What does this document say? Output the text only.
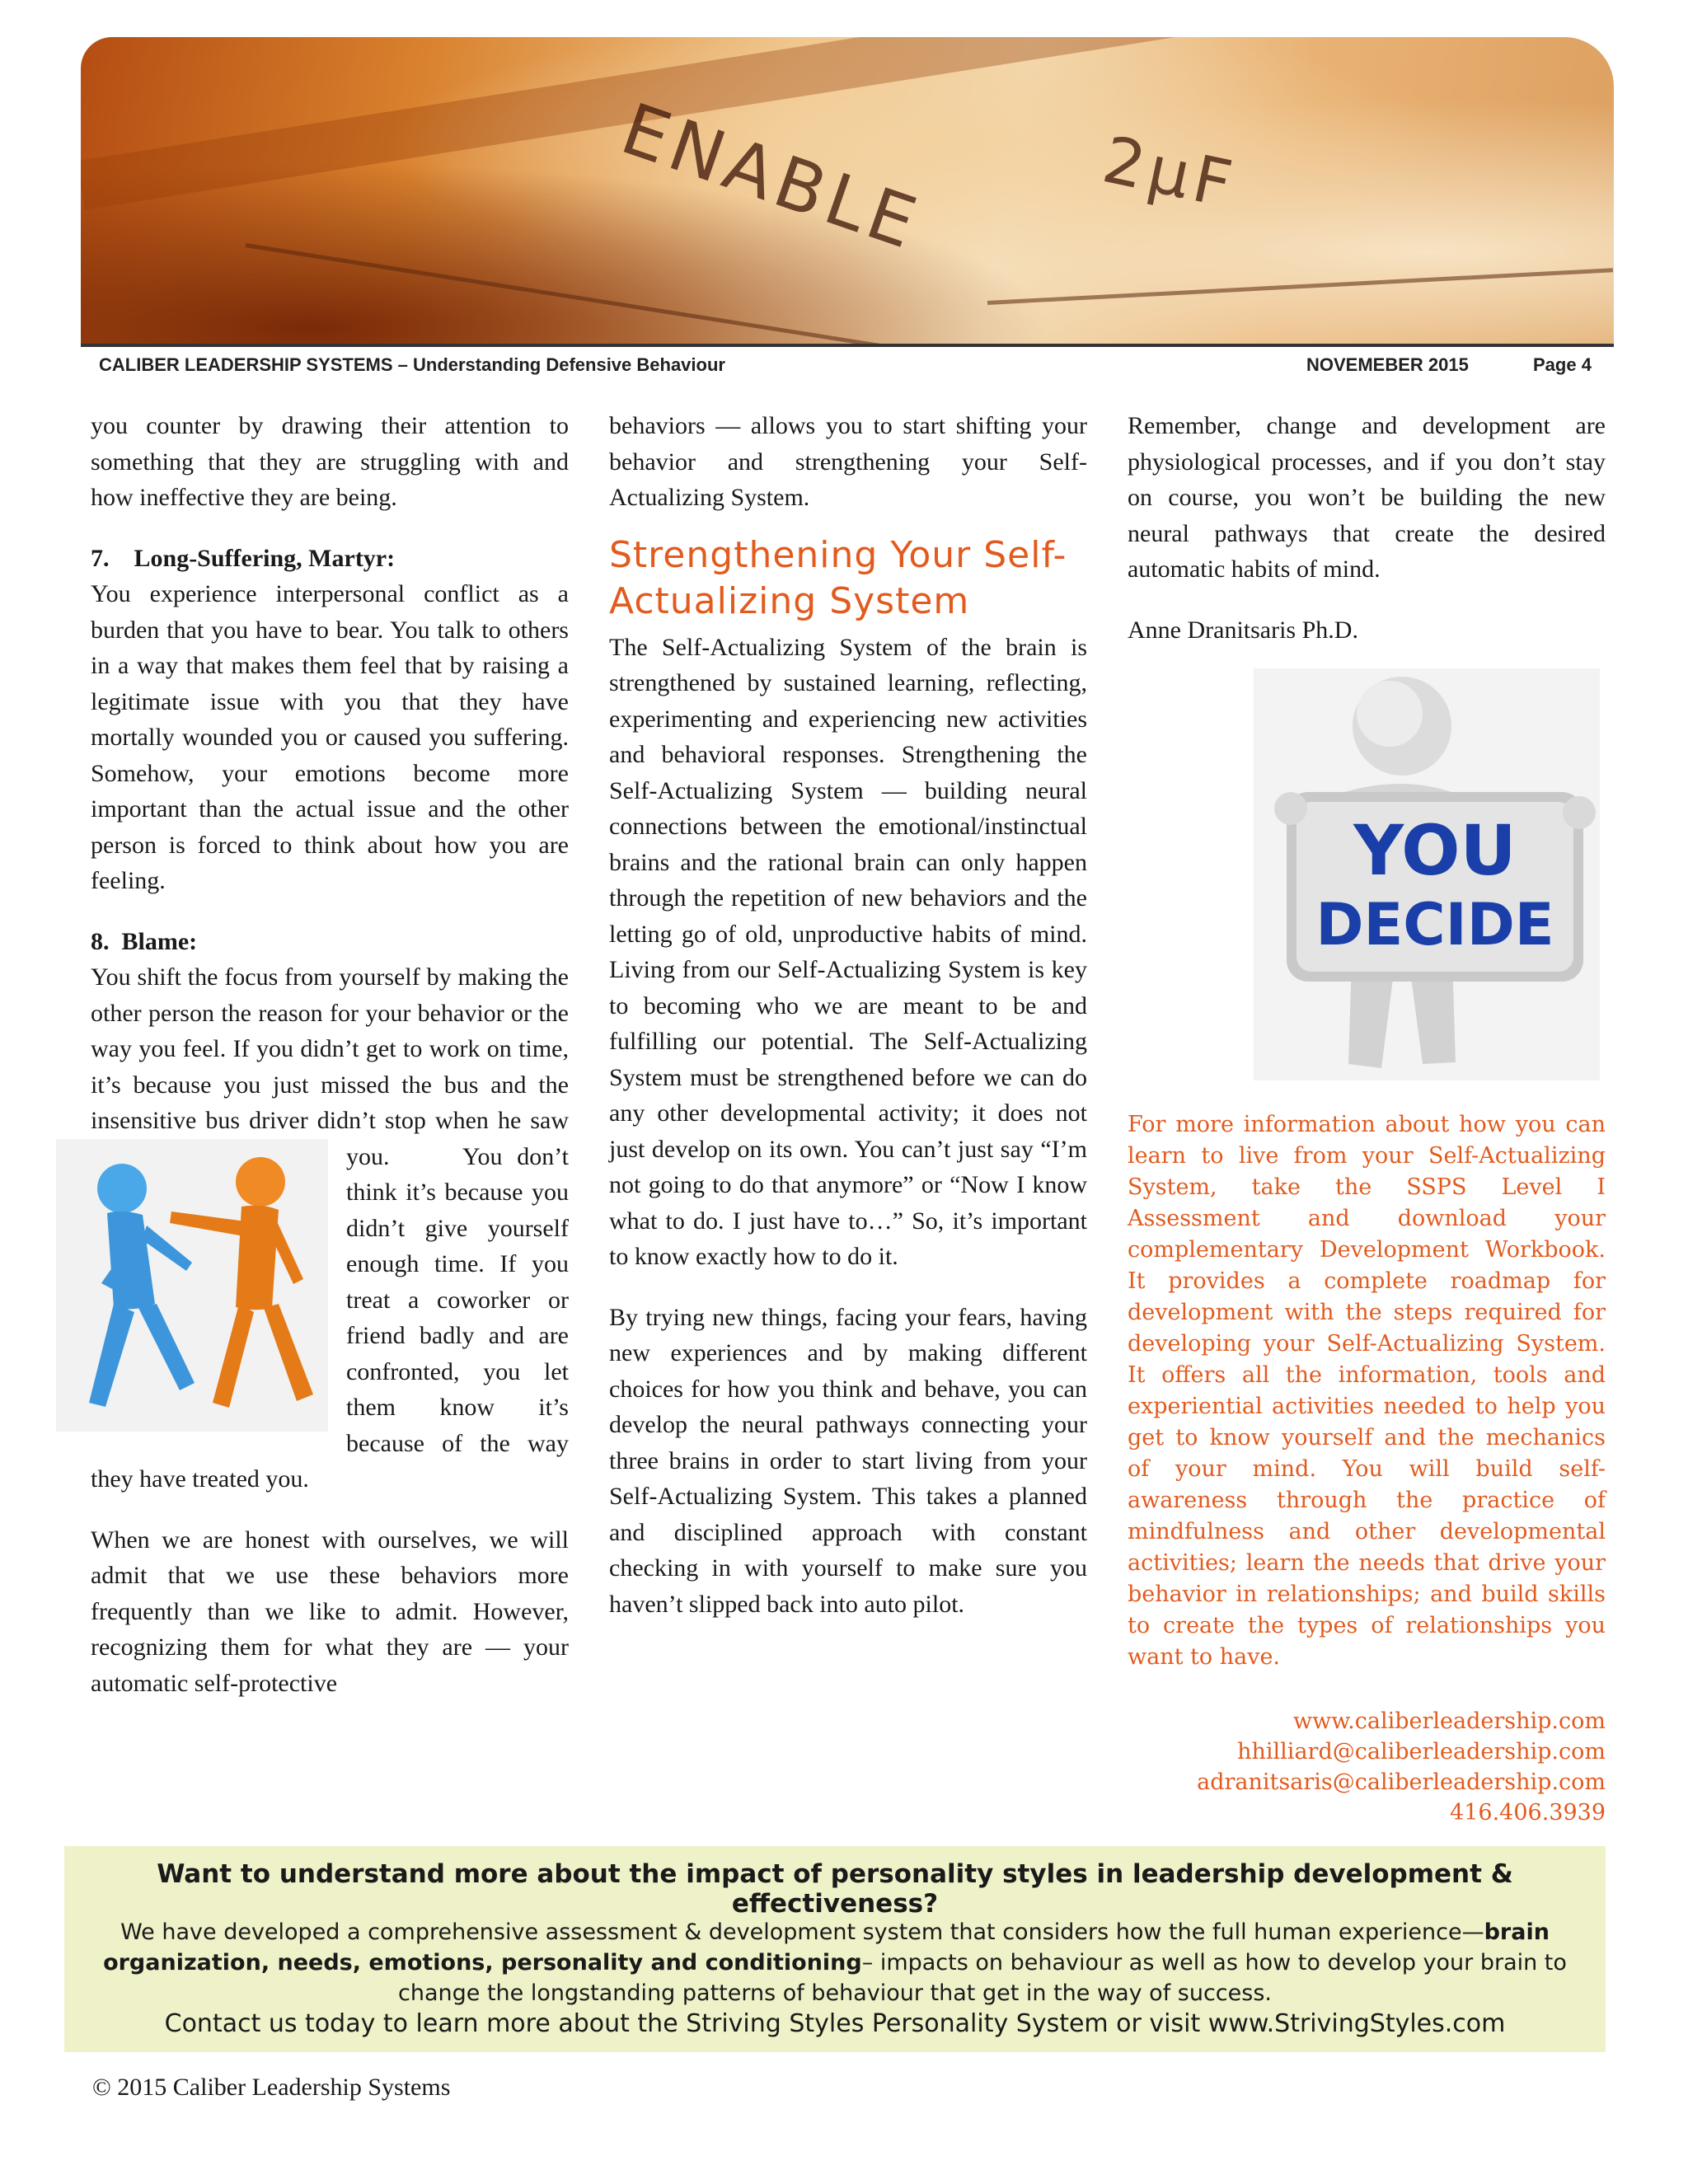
ENABLE	2μF
CALIBER LEADERSHIP SYSTEMS – Understanding Defensive Behaviour	NOVEMEBER 2015	Page 4

you counter by drawing their attention to something that they are struggling with and how ineffective they are being.

7. Long-Suffering, Martyr:

You experience interpersonal conflict as a burden that you have to bear. You talk to others in a way that makes them feel that by raising a legitimate issue with you that they have mortally wounded you or caused you suffering. Somehow, your emotions become more important than the actual issue and the other person is forced to think about how you are feeling.

8. Blame:

You shift the focus from yourself by making the other person the reason for your behavior or the way you feel. If you didn’t get to work on time, it’s because you just missed the bus and the insensitive bus driver didn’t stop when he saw you.	You don’t think it’s because you didn’t give yourself enough time. If you treat a coworker or friend badly and are confronted, you let them know it’s because of the way they have treated you.

When we are honest with ourselves, we will admit that we use these behaviors more frequently than we like to admit. However, recognizing them for what they are — your automatic self-protective

behaviors — allows you to start shifting your behavior and strengthening your Self-Actualizing System.

Strengthening Your Self-Actualizing System

The Self-Actualizing System of the brain is strengthened by sustained learning, reflecting, experimenting and experiencing new activities and behavioral responses. Strengthening the Self-Actualizing System — building neural connections between the emotional/instinctual brains and the rational brain can only happen through the repetition of new behaviors and the letting go of old, unproductive habits of mind. Living from our Self-Actualizing System is key to becoming who we are meant to be and fulfilling our potential. The Self-Actualizing System must be strengthened before we can do any other developmental activity; it does not just develop on its own. You can’t just say “I’m not going to do that anymore” or “Now I know what to do. I just have to…” So, it’s important to know exactly how to do it.

By trying new things, facing your fears, having new experiences and by making different choices for how you think and behave, you can develop the neural pathways connecting your three brains in order to start living from your Self-Actualizing System. This takes a planned and disciplined approach with constant checking in with yourself to make sure you haven’t slipped back into auto pilot.

Remember, change and development are physiological processes, and if you don’t stay on course, you won’t be building the new neural pathways that create the desired automatic habits of mind.

Anne Dranitsaris Ph.D.

YOU
DECIDE

For more information about how you can learn to live from your Self-Actualizing System, take the SSPS Level I Assessment and download your complementary Development Workbook. It provides a complete roadmap for development with the steps required for developing your Self-Actualizing System. It offers all the information, tools and experiential activities needed to help you get to know yourself and the mechanics of your mind. You will build self-awareness through the practice of mindfulness and other developmental activities; learn the needs that drive your behavior in relationships; and build skills to create the types of relationships you want to have.

www.caliberleadership.com
hhilliard@caliberleadership.com
adranitsaris@caliberleadership.com
416.406.3939
Want to understand more about the impact of personality styles in leadership development & effectiveness?
We have developed a comprehensive assessment & development system that considers how the full human experience—brain organization, needs, emotions, personality and conditioning– impacts on behaviour as well as how to develop your brain to change the longstanding patterns of behaviour that get in the way of success.
Contact us today to learn more about the Striving Styles Personality System or visit www.StrivingStyles.com
© 2015 Caliber Leadership Systems
